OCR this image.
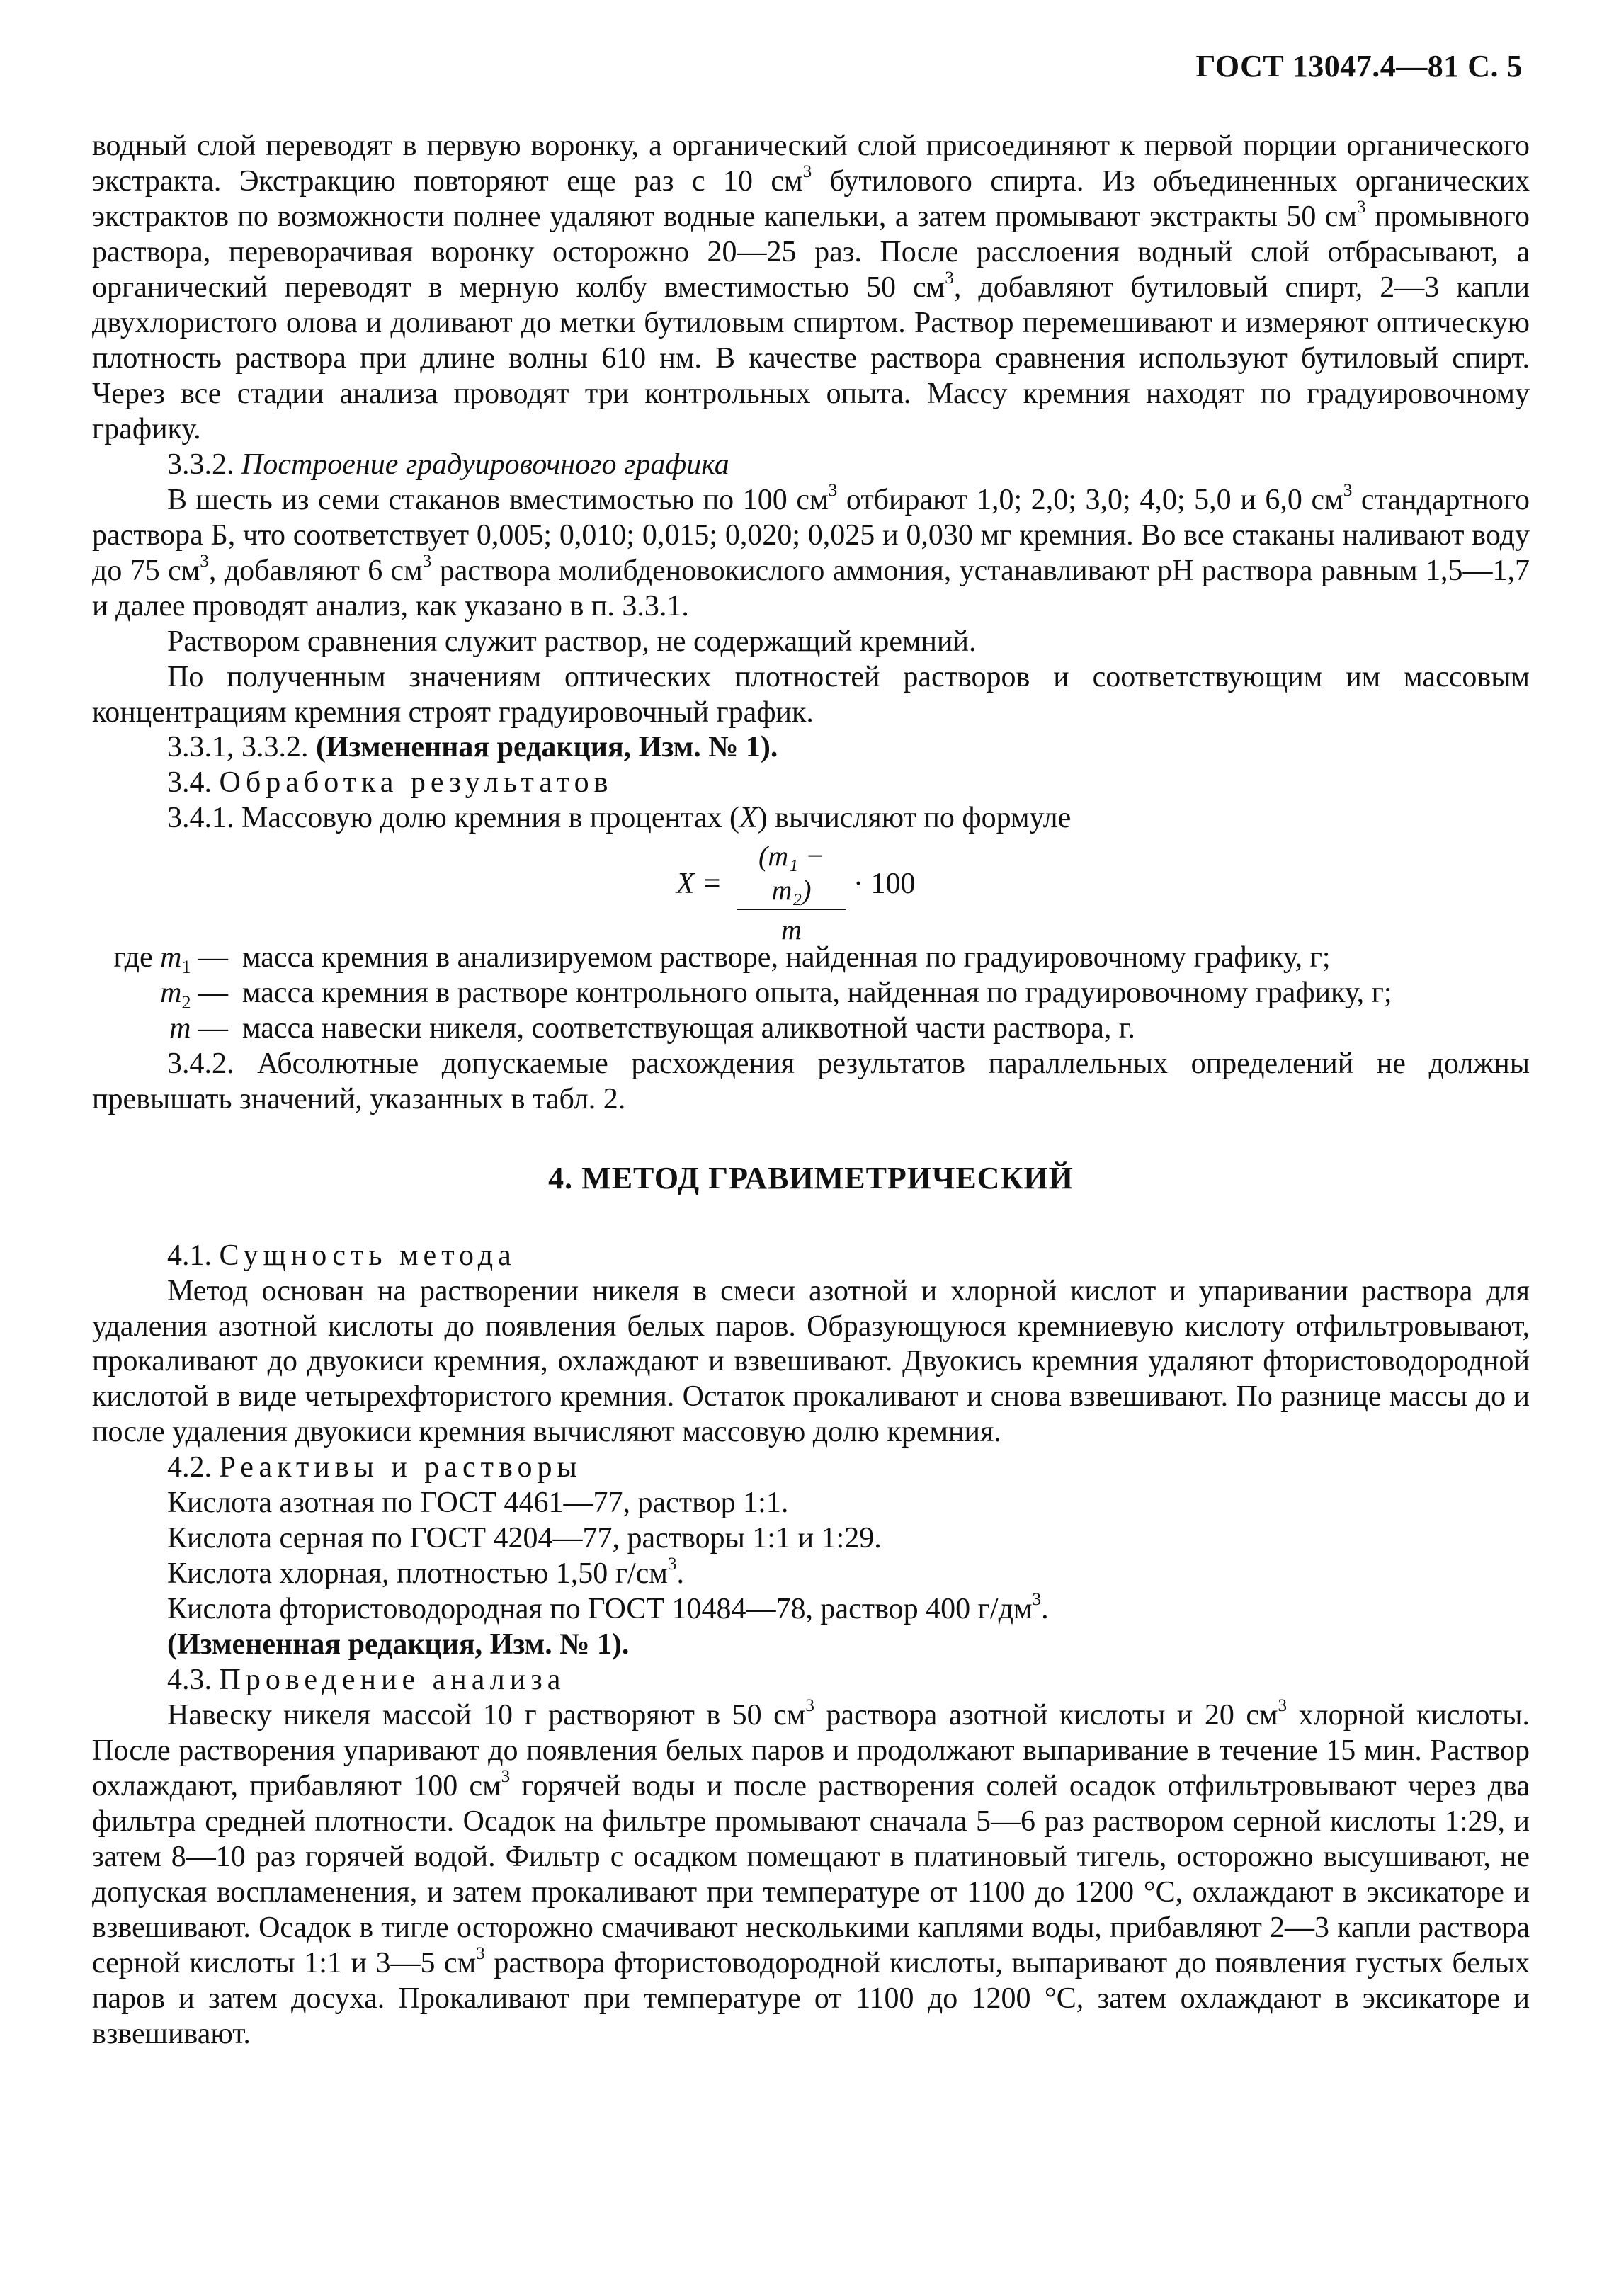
ГОСТ 13047.4—81 С. 5

водный слой переводят в первую воронку, а органический слой присоединяют к первой порции органического экстракта. Экстракцию повторяют еще раз с 10 $см^3$ бутилового спирта. Из объединенных органических экстрактов по возможности полнее удаляют водные капельки, а затем промывают экстракты 50 $см^3$ промывного раствора, переворачивая воронку осторожно 20—25 раз. После расслоения водный слой отбрасывают, а органический переводят в мерную колбу вместимостью 50 $см^3$, добавляют бутиловый спирт, 2—3 капли двухлористого олова и доливают до метки бутиловым спиртом. Раствор перемешивают и измеряют оптическую плотность раствора при длине волны 610 нм. В качестве раствора сравнения используют бутиловый спирт. Через все стадии анализа проводят три контрольных опыта. Массу кремния находят по градуировочному графику.

3.3.2. Построение градуировочного графика

В шесть из семи стаканов вместимостью по 100 $см^3$ отбирают 1,0; 2,0; 3,0; 4,0; 5,0 и 6,0 $см^3$ стандартного раствора Б, что соответствует 0,005; 0,010; 0,015; 0,020; 0,025 и 0,030 мг кремния. Во все стаканы наливают воду до 75 $см^3$, добавляют 6 $см^3$ раствора молибденовокислого аммония, устанавливают pH раствора равным 1,5—1,7 и далее проводят анализ, как указано в п. 3.3.1.

Раствором сравнения служит раствор, не содержащий кремний.

По полученным значениям оптических плотностей растворов и соответствующим им массовым концентрациям кремния строят градуировочный график.

3.3.1, 3.3.2. (Измененная редакция, Изм. № 1).

3.4. Обработка результатов

3.4.1. Массовую долю кремния в процентах (X) вычисляют по формуле

X =
(m₁ − m₂)
m
· 100
где $m_1$ — масса кремния в анализируемом растворе, найденная по градуировочному графику, г;
$m_2$ — масса кремния в растворе контрольного опыта, найденная по градуировочному графику, г;
m — масса навески никеля, соответствующая аликвотной части раствора, г.

3.4.2. Абсолютные допускаемые расхождения результатов параллельных определений не должны превышать значений, указанных в табл. 2.

4. МЕТОД ГРАВИМЕТРИЧЕСКИЙ

4.1. Сущность метода

Метод основан на растворении никеля в смеси азотной и хлорной кислот и упаривании раствора для удаления азотной кислоты до появления белых паров. Образующуюся кремниевую кислоту отфильтровывают, прокаливают до двуокиси кремния, охлаждают и взвешивают. Двуокись кремния удаляют фтористоводородной кислотой в виде четырехфтористого кремния. Остаток прокаливают и снова взвешивают. По разнице массы до и после удаления двуокиси кремния вычисляют массовую долю кремния.

4.2. Реактивы и растворы

Кислота азотная по ГОСТ 4461—77, раствор 1:1.

Кислота серная по ГОСТ 4204—77, растворы 1:1 и 1:29.

Кислота хлорная, плотностью 1,50 $г/см^3$.

Кислота фтористоводородная по ГОСТ 10484—78, раствор 400 $г/дм^3$.

(Измененная редакция, Изм. № 1).

4.3. Проведение анализа

Навеску никеля массой 10 г растворяют в 50 $см^3$ раствора азотной кислоты и 20 $см^3$ хлорной кислоты. После растворения упаривают до появления белых паров и продолжают выпаривание в течение 15 мин. Раствор охлаждают, прибавляют 100 $см^3$ горячей воды и после растворения солей осадок отфильтровывают через два фильтра средней плотности. Осадок на фильтре промывают сначала 5—6 раз раствором серной кислоты 1:29, и затем 8—10 раз горячей водой. Фильтр с осадком помещают в платиновый тигель, осторожно высушивают, не допуская воспламенения, и затем прокаливают при температуре от 1100 до 1200 °С, охлаждают в эксикаторе и взвешивают. Осадок в тигле осторожно смачивают несколькими каплями воды, прибавляют 2—3 капли раствора серной кислоты 1:1 и 3—5 $см^3$ раствора фтористоводородной кислоты, выпаривают до появления густых белых паров и затем досуха. Прокаливают при температуре от 1100 до 1200 °С, затем охлаждают в эксикаторе и взвешивают.
